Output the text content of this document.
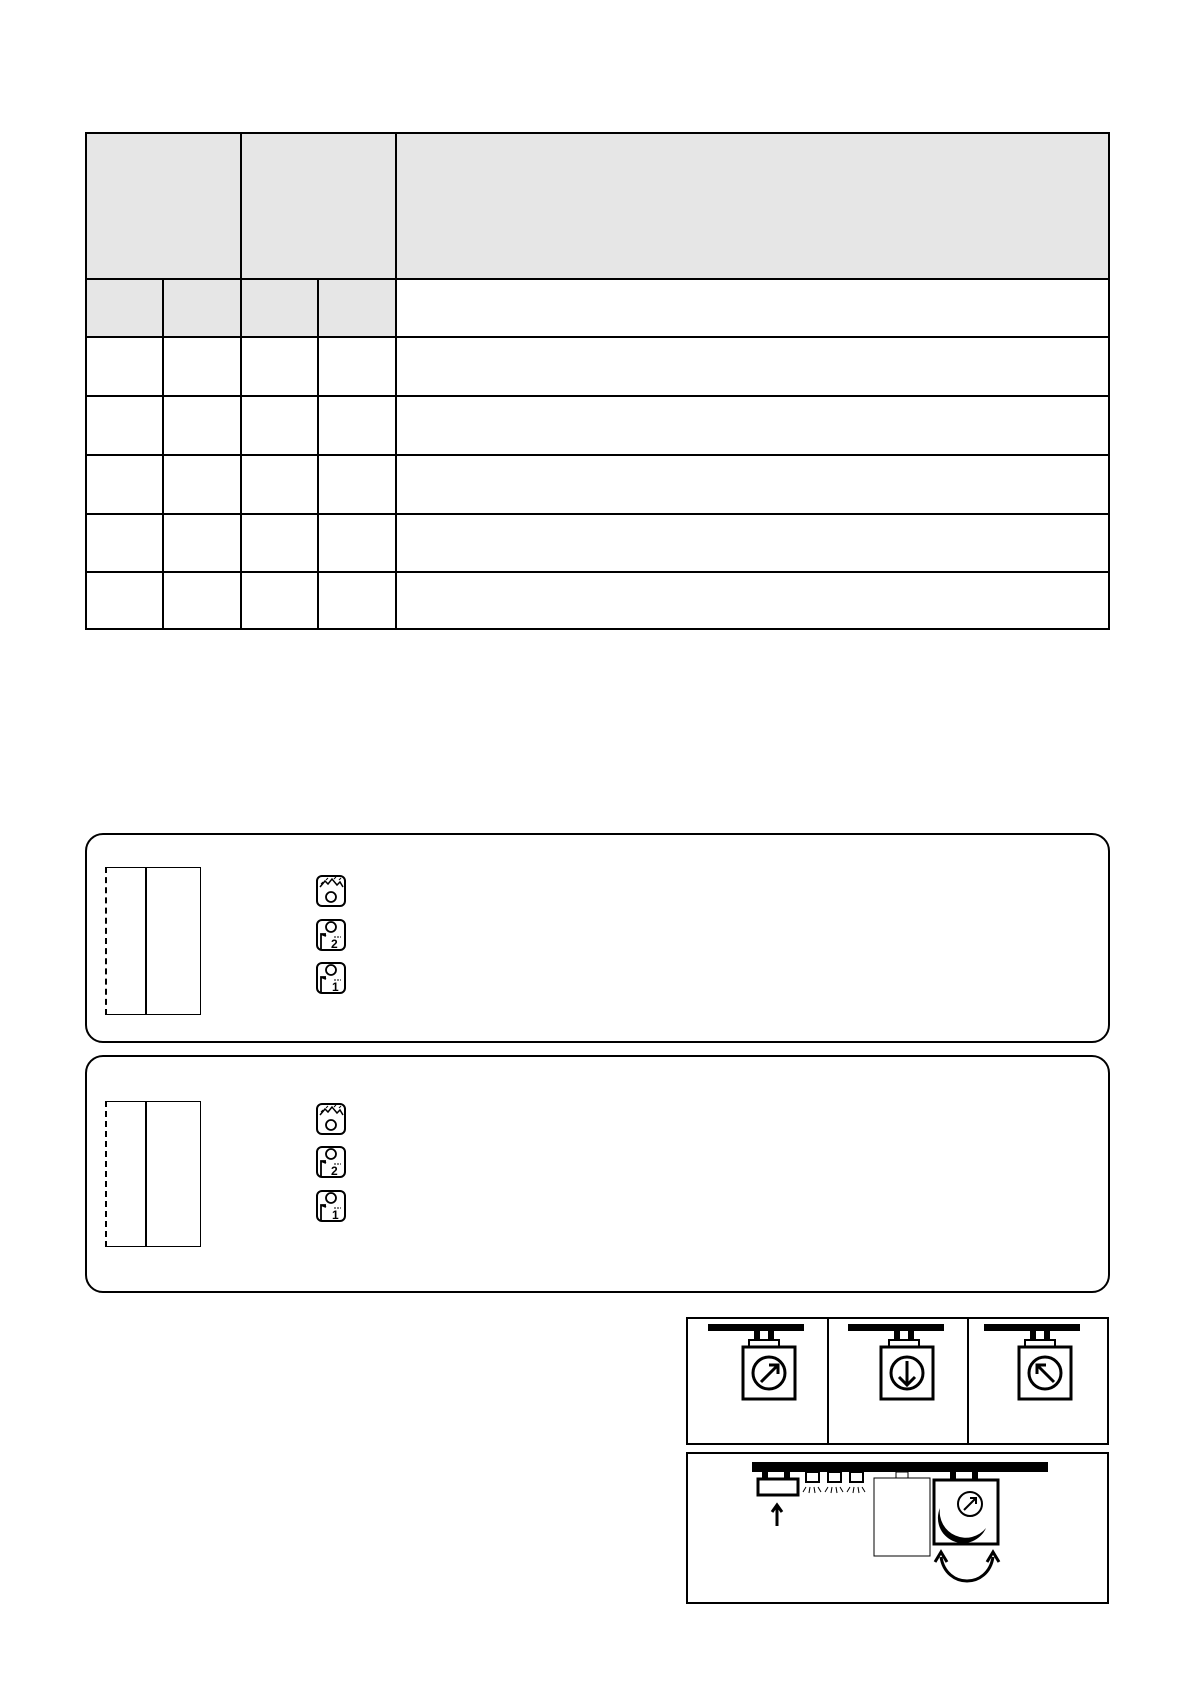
2
1
2
1
